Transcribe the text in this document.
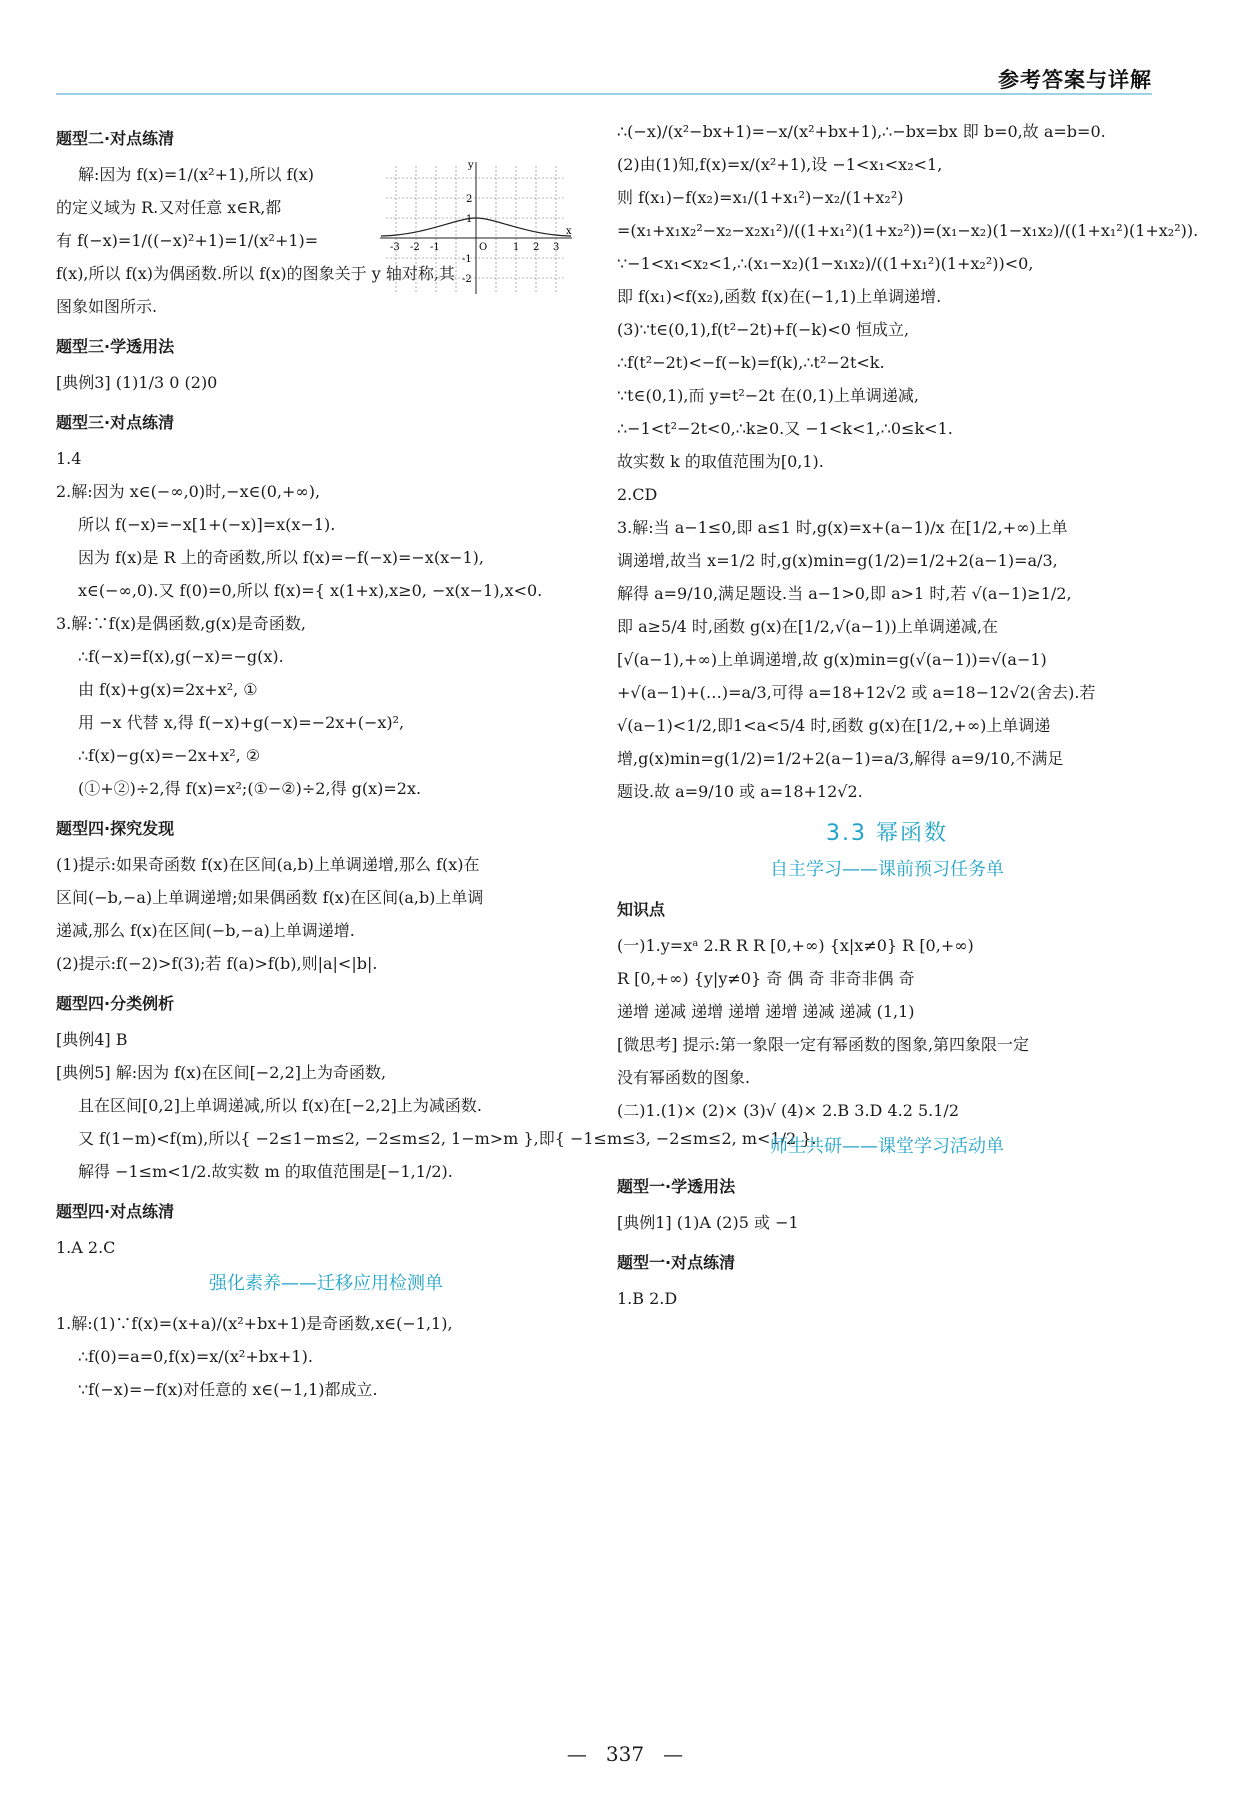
参考答案与详解
题型二·对点练清
解:因为 f(x)=1/(x²+1),所以 f(x)
的定义域为 R.又对任意 x∈R,都
有 f(−x)=1/((−x)²+1)=1/(x²+1)=
f(x),所以 f(x)为偶函数.所以 f(x)的图象关于 y 轴对称,其
图象如图所示.
题型三·学透用法
[典例3] (1)1/3 0 (2)0
题型三·对点练清
1.4
2.解:因为 x∈(−∞,0)时,−x∈(0,+∞),
所以 f(−x)=−x[1+(−x)]=x(x−1).
因为 f(x)是 R 上的奇函数,所以 f(x)=−f(−x)=−x(x−1),
x∈(−∞,0).又 f(0)=0,所以 f(x)={ x(1+x),x≥0, −x(x−1),x<0.
3.解:∵f(x)是偶函数,g(x)是奇函数,
∴f(−x)=f(x),g(−x)=−g(x).
由 f(x)+g(x)=2x+x², ①
用 −x 代替 x,得 f(−x)+g(−x)=−2x+(−x)²,
∴f(x)−g(x)=−2x+x², ②
(①+②)÷2,得 f(x)=x²;(①−②)÷2,得 g(x)=2x.
题型四·探究发现
(1)提示:如果奇函数 f(x)在区间(a,b)上单调递增,那么 f(x)在
区间(−b,−a)上单调递增;如果偶函数 f(x)在区间(a,b)上单调
递减,那么 f(x)在区间(−b,−a)上单调递增.
(2)提示:f(−2)>f(3);若 f(a)>f(b),则|a|<|b|.
题型四·分类例析
[典例4] B
[典例5] 解:因为 f(x)在区间[−2,2]上为奇函数,
且在区间[0,2]上单调递减,所以 f(x)在[−2,2]上为减函数.
又 f(1−m)<f(m),所以{ −2≤1−m≤2, −2≤m≤2, 1−m>m },即{ −1≤m≤3, −2≤m≤2, m<1/2 }.
解得 −1≤m<1/2.故实数 m 的取值范围是[−1,1/2).
题型四·对点练清
1.A 2.C
强化素养——迁移应用检测单
1.解:(1)∵f(x)=(x+a)/(x²+bx+1)是奇函数,x∈(−1,1),
∴f(0)=a=0,f(x)=x/(x²+bx+1).
∵f(−x)=−f(x)对任意的 x∈(−1,1)都成立.
∴(−x)/(x²−bx+1)=−x/(x²+bx+1),∴−bx=bx 即 b=0,故 a=b=0.
(2)由(1)知,f(x)=x/(x²+1),设 −1<x₁<x₂<1,
则 f(x₁)−f(x₂)=x₁/(1+x₁²)−x₂/(1+x₂²)
=(x₁+x₁x₂²−x₂−x₂x₁²)/((1+x₁²)(1+x₂²))=(x₁−x₂)(1−x₁x₂)/((1+x₁²)(1+x₂²)).
∵−1<x₁<x₂<1,∴(x₁−x₂)(1−x₁x₂)/((1+x₁²)(1+x₂²))<0,
即 f(x₁)<f(x₂),函数 f(x)在(−1,1)上单调递增.
(3)∵t∈(0,1),f(t²−2t)+f(−k)<0 恒成立,
∴f(t²−2t)<−f(−k)=f(k),∴t²−2t<k.
∵t∈(0,1),而 y=t²−2t 在(0,1)上单调递减,
∴−1<t²−2t<0,∴k≥0.又 −1<k<1,∴0≤k<1.
故实数 k 的取值范围为[0,1).
2.CD
3.解:当 a−1≤0,即 a≤1 时,g(x)=x+(a−1)/x 在[1/2,+∞)上单
调递增,故当 x=1/2 时,g(x)min=g(1/2)=1/2+2(a−1)=a/3,
解得 a=9/10,满足题设.当 a−1>0,即 a>1 时,若 √(a−1)≥1/2,
即 a≥5/4 时,函数 g(x)在[1/2,√(a−1))上单调递减,在
[√(a−1),+∞)上单调递增,故 g(x)min=g(√(a−1))=√(a−1)
+√(a−1)+(…)=a/3,可得 a=18+12√2 或 a=18−12√2(舍去).若
√(a−1)<1/2,即1<a<5/4 时,函数 g(x)在[1/2,+∞)上单调递
增,g(x)min=g(1/2)=1/2+2(a−1)=a/3,解得 a=9/10,不满足
题设.故 a=9/10 或 a=18+12√2.
3.3 幂函数
自主学习——课前预习任务单
知识点
(一)1.y=xᵃ 2.R R R [0,+∞) {x|x≠0} R [0,+∞)
R [0,+∞) {y|y≠0} 奇 偶 奇 非奇非偶 奇
递增 递减 递增 递增 递增 递减 递减 (1,1)
[微思考] 提示:第一象限一定有幂函数的图象,第四象限一定
没有幂函数的图象.
(二)1.(1)× (2)× (3)√ (4)× 2.B 3.D 4.2 5.1/2
师生共研——课堂学习活动单
题型一·学透用法
[典例1] (1)A (2)5 或 −1
题型一·对点练清
1.B 2.D
x
y
O
-3 -2 -1	1 2 3
2
1
-1
-2
— 337 —
